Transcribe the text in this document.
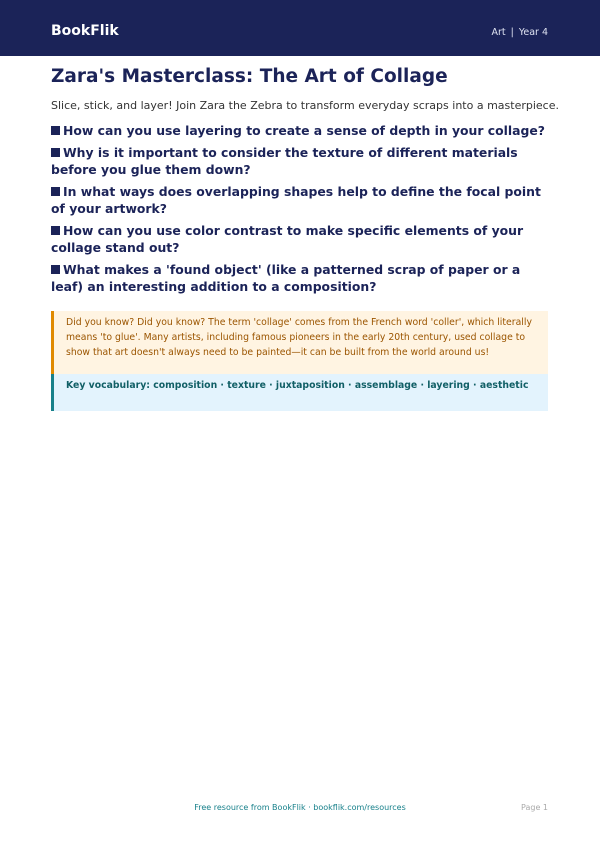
BookFlik	Art | Year 4
Zara's Masterclass: The Art of Collage

Slice, stick, and layer! Join Zara the Zebra to transform everyday scraps into a masterpiece.

How can you use layering to create a sense of depth in your collage?
Why is it important to consider the texture of different materials before you glue them down?
In what ways does overlapping shapes help to define the focal point of your artwork?
How can you use color contrast to make specific elements of your collage stand out?
What makes a 'found object' (like a patterned scrap of paper or a leaf) an interesting addition to a composition?
Did you know? Did you know? The term 'collage' comes from the French word 'coller', which literally means 'to glue'. Many artists, including famous pioneers in the early 20th century, used collage to show that art doesn't always need to be painted—it can be built from the world around us!
Key vocabulary: composition · texture · juxtaposition · assemblage · layering · aesthetic
Free resource from BookFlik · bookflik.com/resources	Page 1
